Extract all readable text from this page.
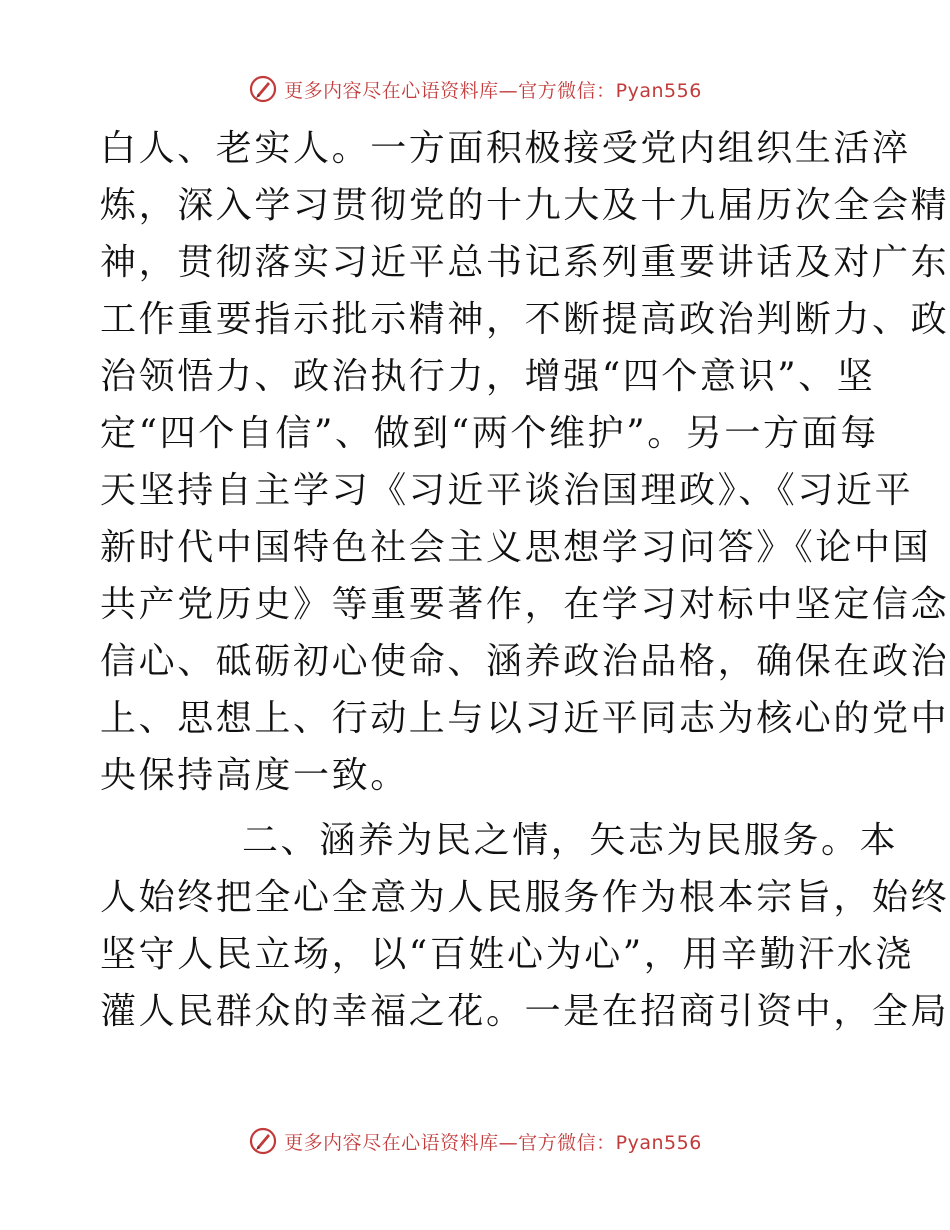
更多内容尽在心语资料库—官方微信：Pyan556
白人、老实人。一方面积极接受党内组织生活淬
炼，深入学习贯彻党的十九大及十九届历次全会精
神，贯彻落实习近平总书记系列重要讲话及对广东
工作重要指示批示精神，不断提高政治判断力、政
治领悟力、政治执行力，增强“四个意识”、坚
定“四个自信”、做到“两个维护”。另一方面每
天坚持自主学习《习近平谈治国理政》、《习近平
新时代中国特色社会主义思想学习问答》《论中国
共产党历史》等重要著作，在学习对标中坚定信念
信心、砥砺初心使命、涵养政治品格，确保在政治
上、思想上、行动上与以习近平同志为核心的党中
央保持高度一致。
二、涵养为民之情，矢志为民服务。本
人始终把全心全意为人民服务作为根本宗旨，始终
坚守人民立场，以“百姓心为心”，用辛勤汗水浇
灌人民群众的幸福之花。一是在招商引资中，全局
更多内容尽在心语资料库—官方微信：Pyan556
